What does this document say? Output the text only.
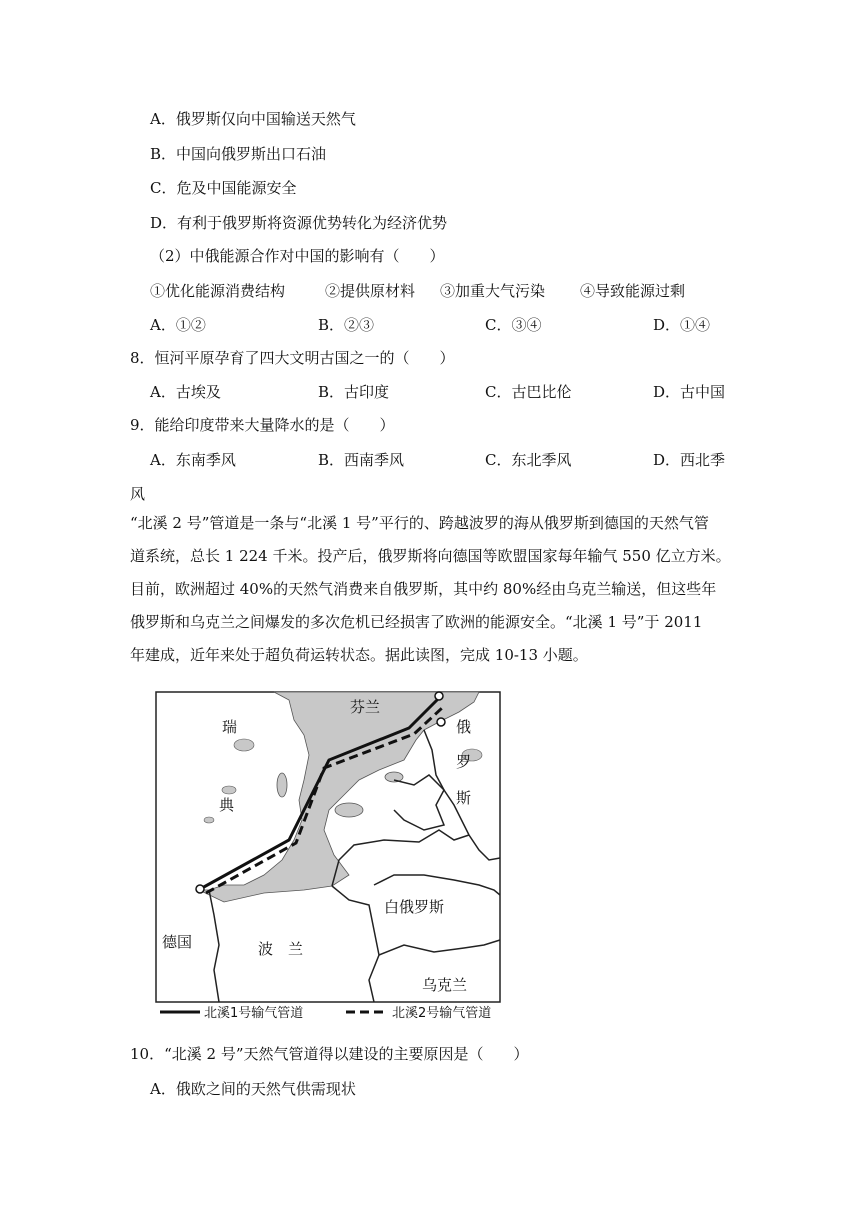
A．俄罗斯仅向中国输送天然气
B．中国向俄罗斯出口石油
C．危及中国能源安全
D．有利于俄罗斯将资源优势转化为经济优势
（2）中俄能源合作对中国的影响有（　　）
①优化能源消费结构	②提供原材料 ③加重大气污染 ④导致能源过剩
A．①②	B．②③	C．③④	D．①④
8．恒河平原孕育了四大文明古国之一的（　　）
A．古埃及	B．古印度	C．古巴比伦	D．古中国
9．能给印度带来大量降水的是（　　）
A．东南季风	B．西南季风	C．东北季风	D．西北季
风
“北溪 2 号”管道是一条与“北溪 1 号”平行的、跨越波罗的海从俄罗斯到德国的天然气管
道系统，总长 1 224 千米。投产后，俄罗斯将向德国等欧盟国家每年输气 550 亿立方米。
目前，欧洲超过 40%的天然气消费来自俄罗斯，其中约 80%经由乌克兰输送，但这些年
俄罗斯和乌克兰之间爆发的多次危机已经损害了欧洲的能源安全。“北溪 1 号”于 2011
年建成，近年来处于超负荷运转状态。据此读图，完成 10-13 小题。
芬兰
瑞
典
俄
罗
斯
白俄罗斯
德国	波　兰
乌克兰
北溪1号输气管道	北溪2号输气管道
10．“北溪 2 号”天然气管道得以建设的主要原因是（　　）
A．俄欧之间的天然气供需现状
